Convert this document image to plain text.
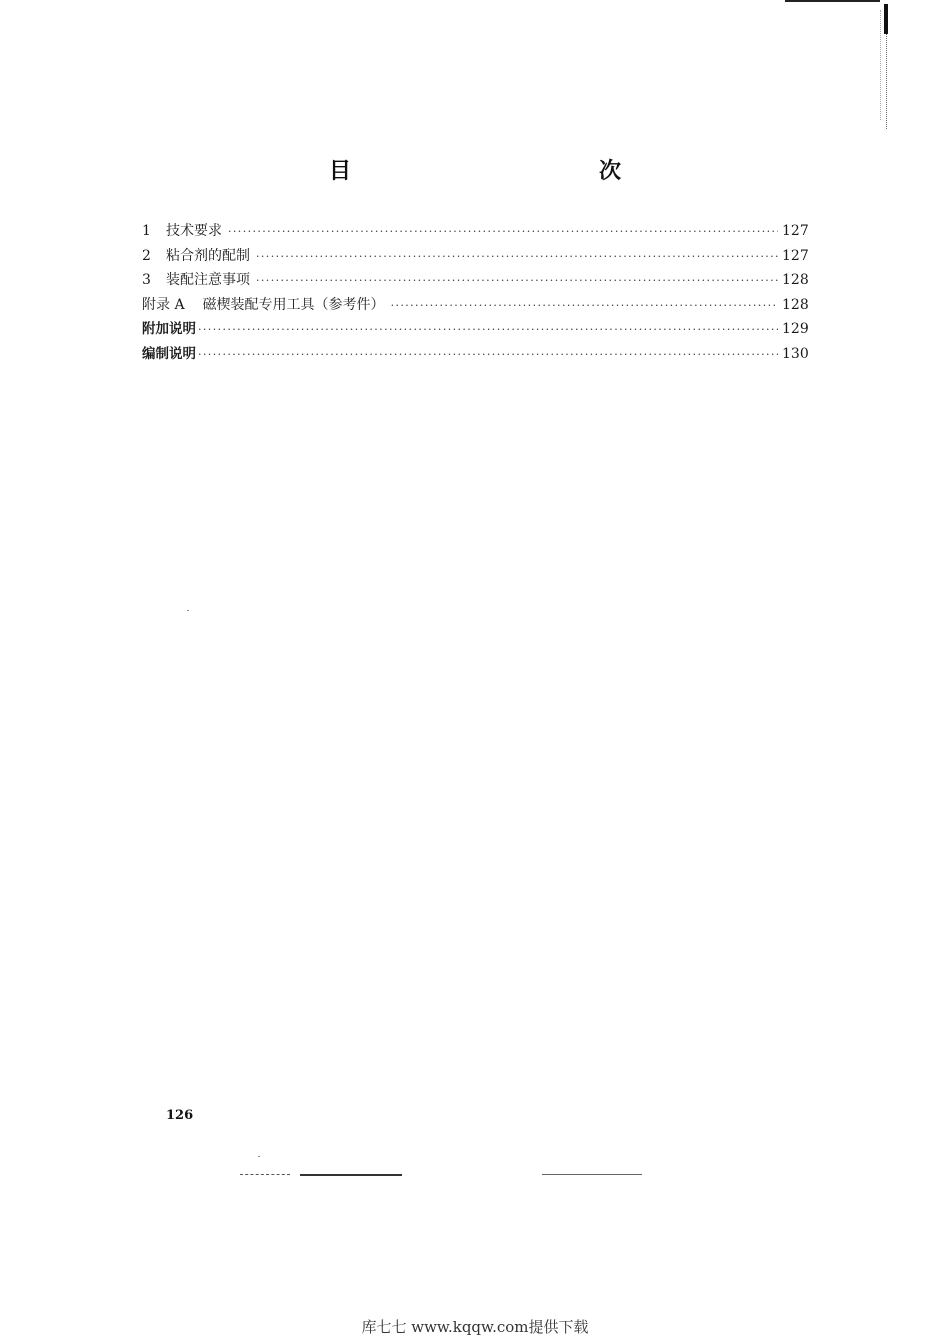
目　　次
1	技术要求 ·····	127
2	粘合剂的配制 ·····	127
3	装配注意事项 ·····	128
附录 A 磁楔装配专用工具（参考件） ·····	128
附加说明 ·····	129
编制说明 ·····	130
126
库七七 www.kqqw.com提供下载
